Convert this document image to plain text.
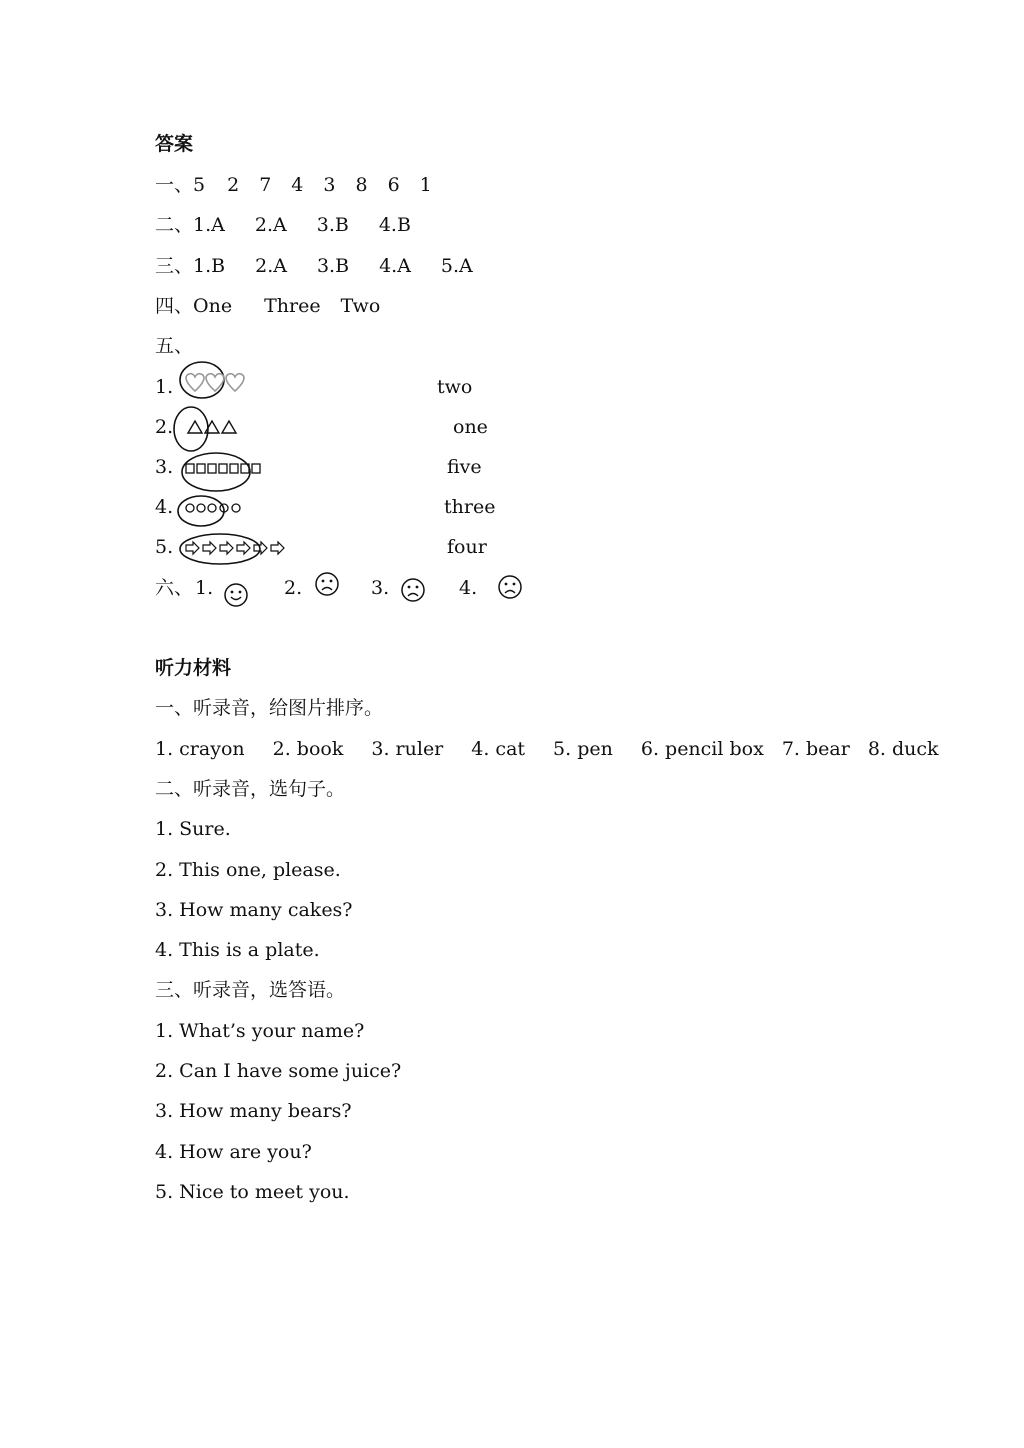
答案
一、5 2 7 4 3 8 6 1
二、1.A 2.A 3.B 4.B
三、1.B 2.A 3.B 4.A 5.A
四、One Three Two
五、
1.	two
2.	one
3.	five
4.	three
5.	four
六、 1.	2.	3.	4.
听力材料
一、听录音，给图片排序。
1. crayon 2. book 3. ruler 4. cat 5. pen 6. pencil box 7. bear 8. duck
二、听录音，选句子。
1. Sure.
2. This one, please.
3. How many cakes?
4. This is a plate.
三、听录音，选答语。
1. What’s your name?
2. Can I have some juice?
3. How many bears?
4. How are you?
5. Nice to meet you.
